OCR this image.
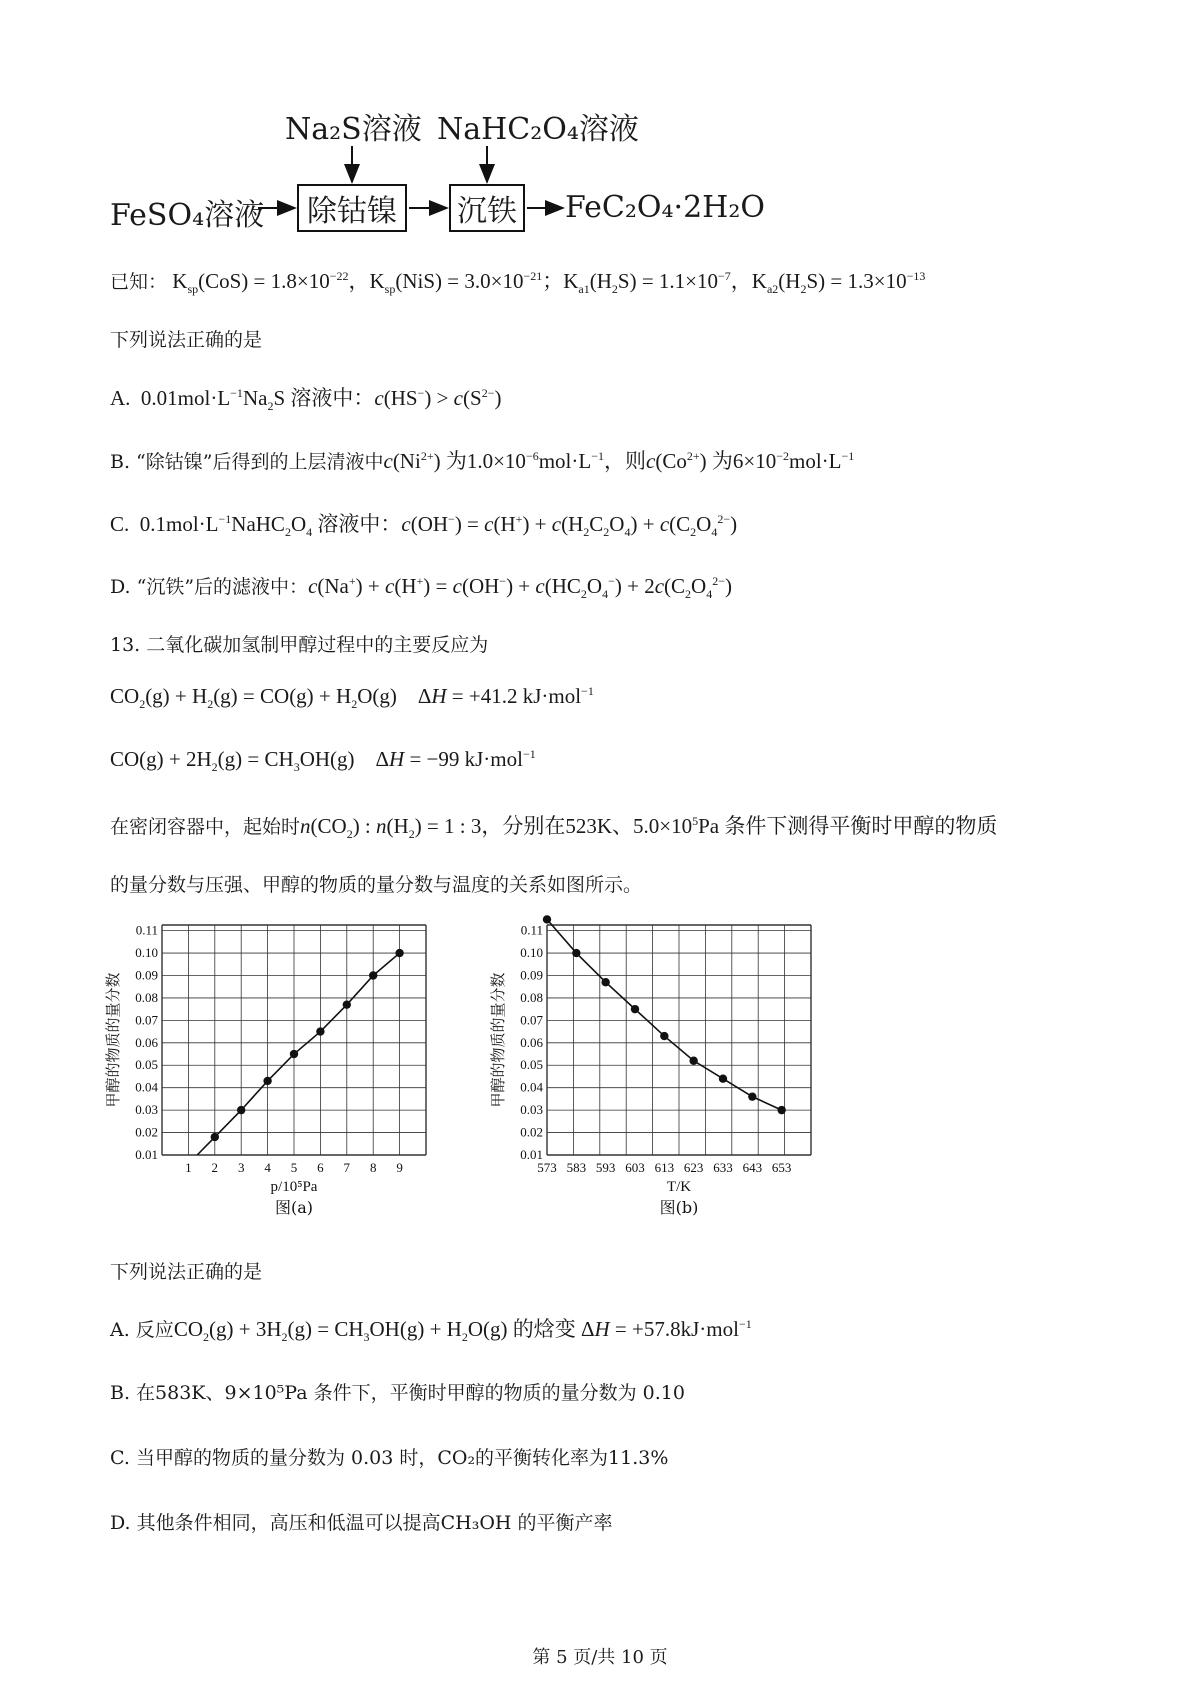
Na₂S溶液 NaHC₂O₄溶液
FeSO₄溶液	除钴镍	沉铁 FeC₂O₄·2H₂O
已知： $K_{sp}(CoS) = 1.8\times 10^{-22}$，$K_{sp}(NiS) = 3.0\times 10^{-21}$；$K_{a1}(H_2S) = 1.1\times 10^{-7}$，$K_{a2}(H_2S) = 1.3\times 10^{-13}$
下列说法正确的是
A.  $0.01mol\cdot L^{-1}Na_2S$ 溶液中：$c(HS^-) > c(S^{2-})$
B. “除钴镍”后得到的上层清液中$c(Ni^{2+})$ 为$1.0\times 10^{-6}mol\cdot L^{-1}$，则$c(Co^{2+})$ 为$6\times 10^{-2}mol\cdot L^{-1}$
C.  $0.1mol\cdot L^{-1}NaHC_2O_4$ 溶液中：$c(OH^-) = c(H^+) + c(H_2C_2O_4) + c(C_2O_4^{2-})$
D. “沉铁”后的滤液中：$c(Na^+) + c(H^+) = c(OH^-) + c(HC_2O_4^-) + 2c(C_2O_4^{2-})$
13. 二氧化碳加氢制甲醇过程中的主要反应为
$CO_2(g) + H_2(g) = CO(g) + H_2O(g)$    ΔH = +41.2 kJ·mol$^{-1}$
$CO(g) + 2H_2(g) = CH_3OH(g)$    ΔH = −99 kJ·mol$^{-1}$
在密闭容器中，起始时$n(CO_2)$ : $n(H_2) = 1$ : 3，分别在523K、$5.0\times 10^5Pa$ 条件下测得平衡时甲醇的物质
的量分数与压强、甲醇的物质的量分数与温度的关系如图所示。
0.01
0.02
0.03
0.04
0.05
0.06
0.07
0.08
0.09
0.10
0.11
1 2 3 4 5 6 7 8 9
p/10⁵Pa
图(a)
甲醇的物质的量分数
0.01
0.02
0.03
0.04
0.05
0.06
0.07
0.08
0.09
0.10
0.11
573 583 593 603 613 623 633 643 653
T/K
图(b)
甲醇的物质的量分数
下列说法正确的是
A. 反应$CO_2(g) + 3H_2(g) = CH_3OH(g) + H_2O(g)$ 的焓变 ΔH = +57.8kJ·mol$^{-1}$
B. 在583K、9×10⁵Pa 条件下，平衡时甲醇的物质的量分数为 0.10
C. 当甲醇的物质的量分数为 0.03 时，CO₂的平衡转化率为11.3%
D. 其他条件相同，高压和低温可以提高CH₃OH 的平衡产率
第 5 页/共 10 页
